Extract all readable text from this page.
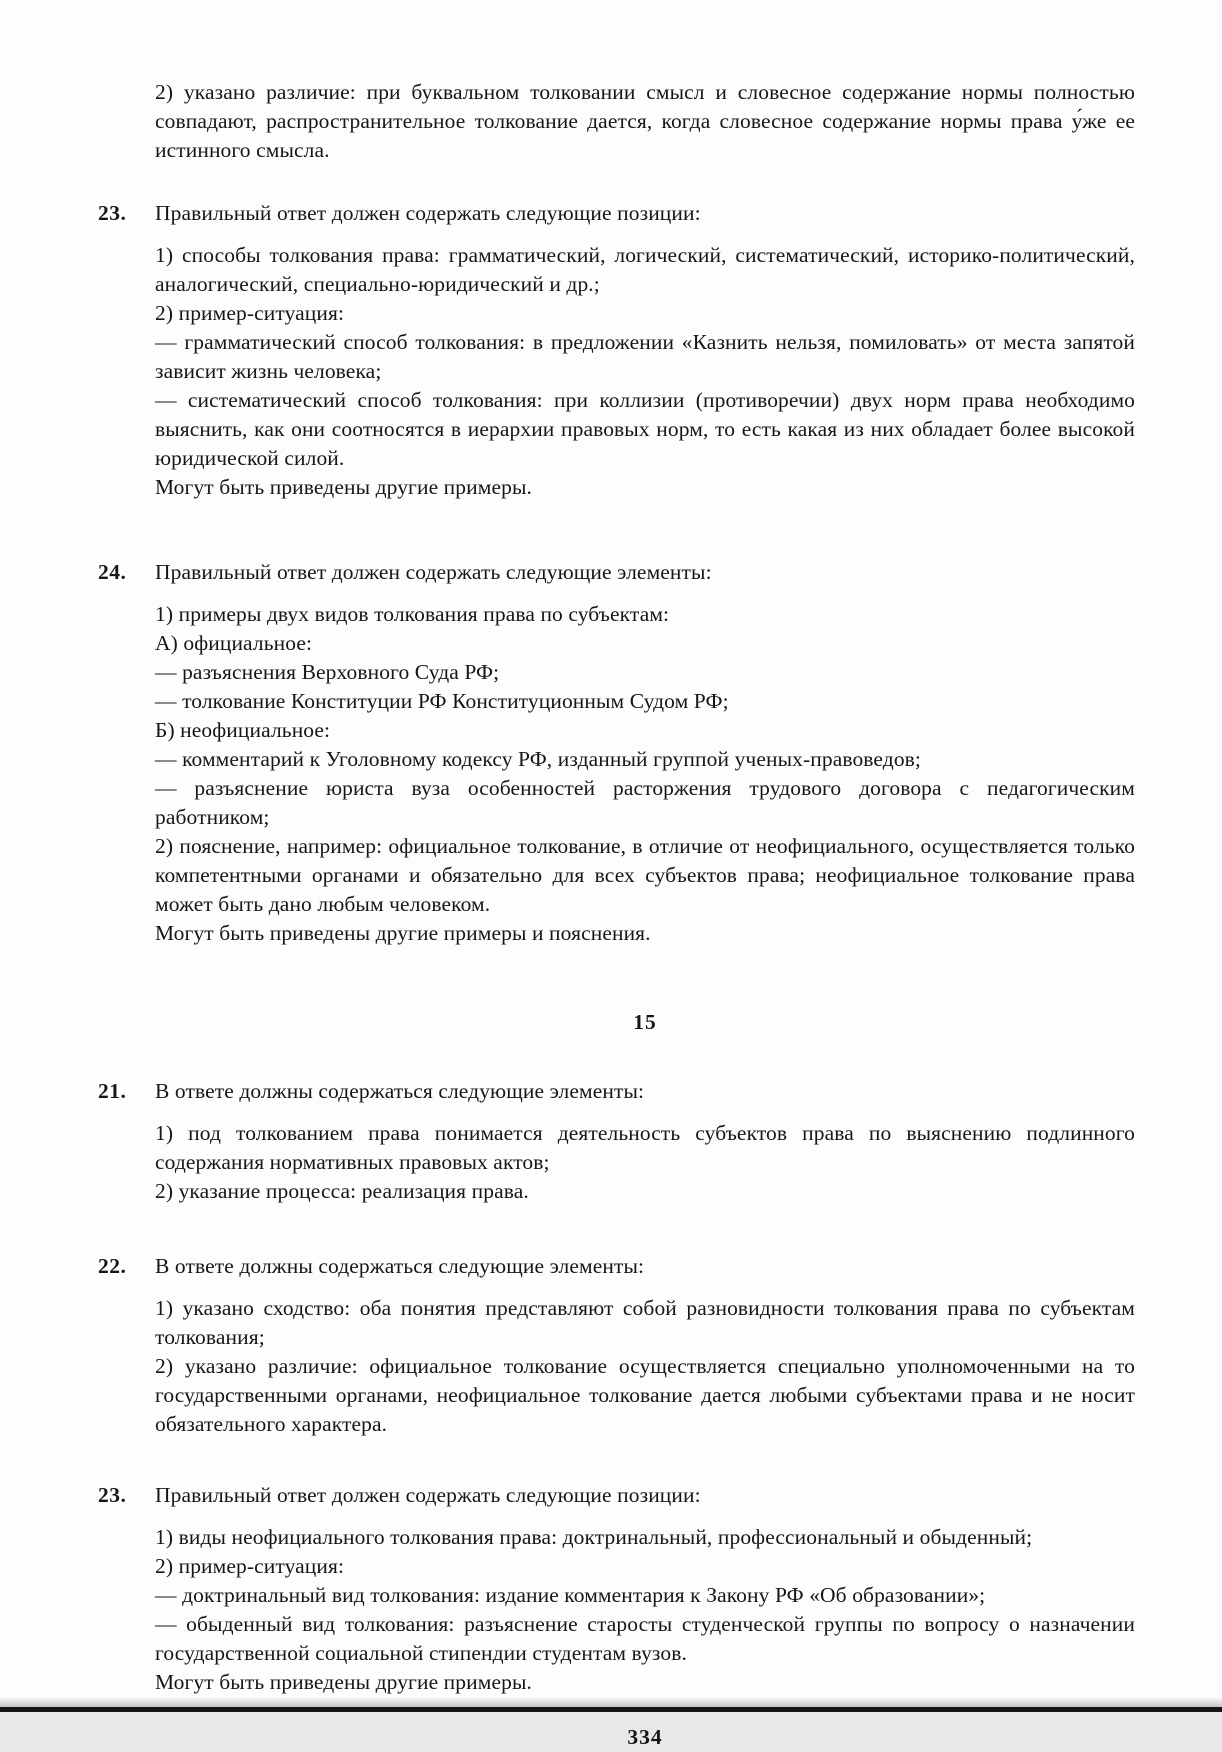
2) указано различие: при буквальном толковании смысл и словесное содержание нормы полностью совпадают, распространительное толкование дается, когда словесное содержание нормы права у́же ее истинного смысла.

23. Правильный ответ должен содержать следующие позиции:

1) способы толкования права: грамматический, логический, систематический, историко-политический, аналогический, специально-юридический и др.;

2) пример-ситуация:

— грамматический способ толкования: в предложении «Казнить нельзя, помиловать» от места запятой зависит жизнь человека;

— систематический способ толкования: при коллизии (противоречии) двух норм права необходимо выяснить, как они соотносятся в иерархии правовых норм, то есть какая из них обладает более высокой юридической силой.

Могут быть приведены другие примеры.

24. Правильный ответ должен содержать следующие элементы:

1) примеры двух видов толкования права по субъектам:

А) официальное:

— разъяснения Верховного Суда РФ;

— толкование Конституции РФ Конституционным Судом РФ;

Б) неофициальное:

— комментарий к Уголовному кодексу РФ, изданный группой ученых-правоведов;

— разъяснение юриста вуза особенностей расторжения трудового договора с педагогическим работником;

2) пояснение, например: официальное толкование, в отличие от неофициального, осуществляется только компетентными органами и обязательно для всех субъектов права; неофициальное толкование права может быть дано любым человеком.

Могут быть приведены другие примеры и пояснения.

15

21. В ответе должны содержаться следующие элементы:

1) под толкованием права понимается деятельность субъектов права по выяснению подлинного содержания нормативных правовых актов;

2) указание процесса: реализация права.

22. В ответе должны содержаться следующие элементы:

1) указано сходство: оба понятия представляют собой разновидности толкования права по субъектам толкования;

2) указано различие: официальное толкование осуществляется специально уполномоченными на то государственными органами, неофициальное толкование дается любыми субъектами права и не носит обязательного характера.

23. Правильный ответ должен содержать следующие позиции:

1) виды неофициального толкования права: доктринальный, профессиональный и обыденный;

2) пример-ситуация:

— доктринальный вид толкования: издание комментария к Закону РФ «Об образовании»;

— обыденный вид толкования: разъяснение старосты студенческой группы по вопросу о назначении государственной социальной стипендии студентам вузов.

Могут быть приведены другие примеры.

334
